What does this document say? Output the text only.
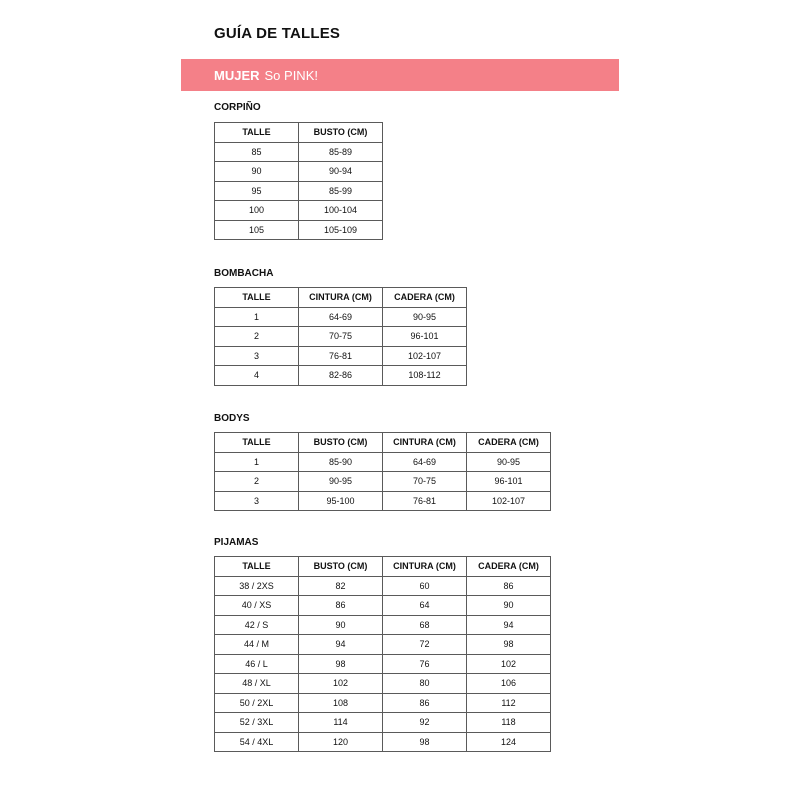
GUÍA DE TALLES
MUJER So PINK!
CORPIÑO
TALLE	BUSTO (CM)
85	85-89
90	90-94
95	85-99
100	100-104
105	105-109
BOMBACHA
TALLE	CINTURA (CM)	CADERA (CM)
1	64-69	90-95
2	70-75	96-101
3	76-81	102-107
4	82-86	108-112
BODYS
TALLE	BUSTO (CM)	CINTURA (CM)	CADERA (CM)
1	85-90	64-69	90-95
2	90-95	70-75	96-101
3	95-100	76-81	102-107
PIJAMAS
TALLE	BUSTO (CM)	CINTURA (CM)	CADERA (CM)
38 / 2XS	82	60	86
40 / XS	86	64	90
42 / S	90	68	94
44 / M	94	72	98
46 / L	98	76	102
48 / XL	102	80	106
50 / 2XL	108	86	112
52 / 3XL	114	92	118
54 / 4XL	120	98	124
